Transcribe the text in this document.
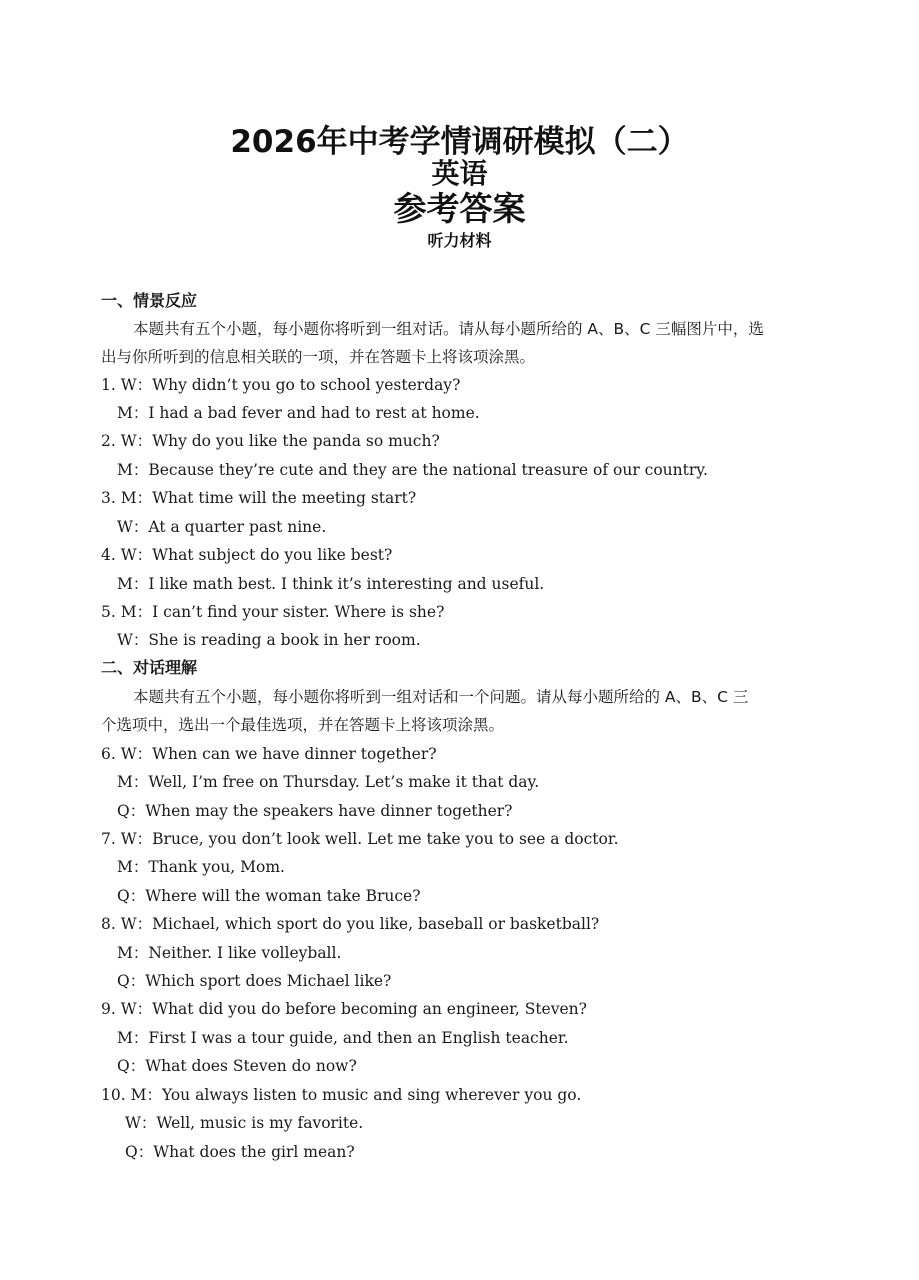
2026年中考学情调研模拟（二）
英语
参考答案
听力材料
一、情景反应
本题共有五个小题，每小题你将听到一组对话。请从每小题所给的 A、B、C 三幅图片中，选
出与你所听到的信息相关联的一项，并在答题卡上将该项涂黑。
1. W：Why didn’t you go to school yesterday?
M：I had a bad fever and had to rest at home.
2. W：Why do you like the panda so much?
M：Because they’re cute and they are the national treasure of our country.
3. M：What time will the meeting start?
W：At a quarter past nine.
4. W：What subject do you like best?
M：I like math best. I think it’s interesting and useful.
5. M：I can’t find your sister. Where is she?
W：She is reading a book in her room.
二、对话理解
本题共有五个小题，每小题你将听到一组对话和一个问题。请从每小题所给的 A、B、C 三
个选项中，选出一个最佳选项，并在答题卡上将该项涂黑。
6. W：When can we have dinner together?
M：Well, I’m free on Thursday. Let’s make it that day.
Q：When may the speakers have dinner together?
7. W：Bruce, you don’t look well. Let me take you to see a doctor.
M：Thank you, Mom.
Q：Where will the woman take Bruce?
8. W：Michael, which sport do you like, baseball or basketball?
M：Neither. I like volleyball.
Q：Which sport does Michael like?
9. W：What did you do before becoming an engineer, Steven?
M：First I was a tour guide, and then an English teacher.
Q：What does Steven do now?
10. M：You always listen to music and sing wherever you go.
W：Well, music is my favorite.
Q：What does the girl mean?
